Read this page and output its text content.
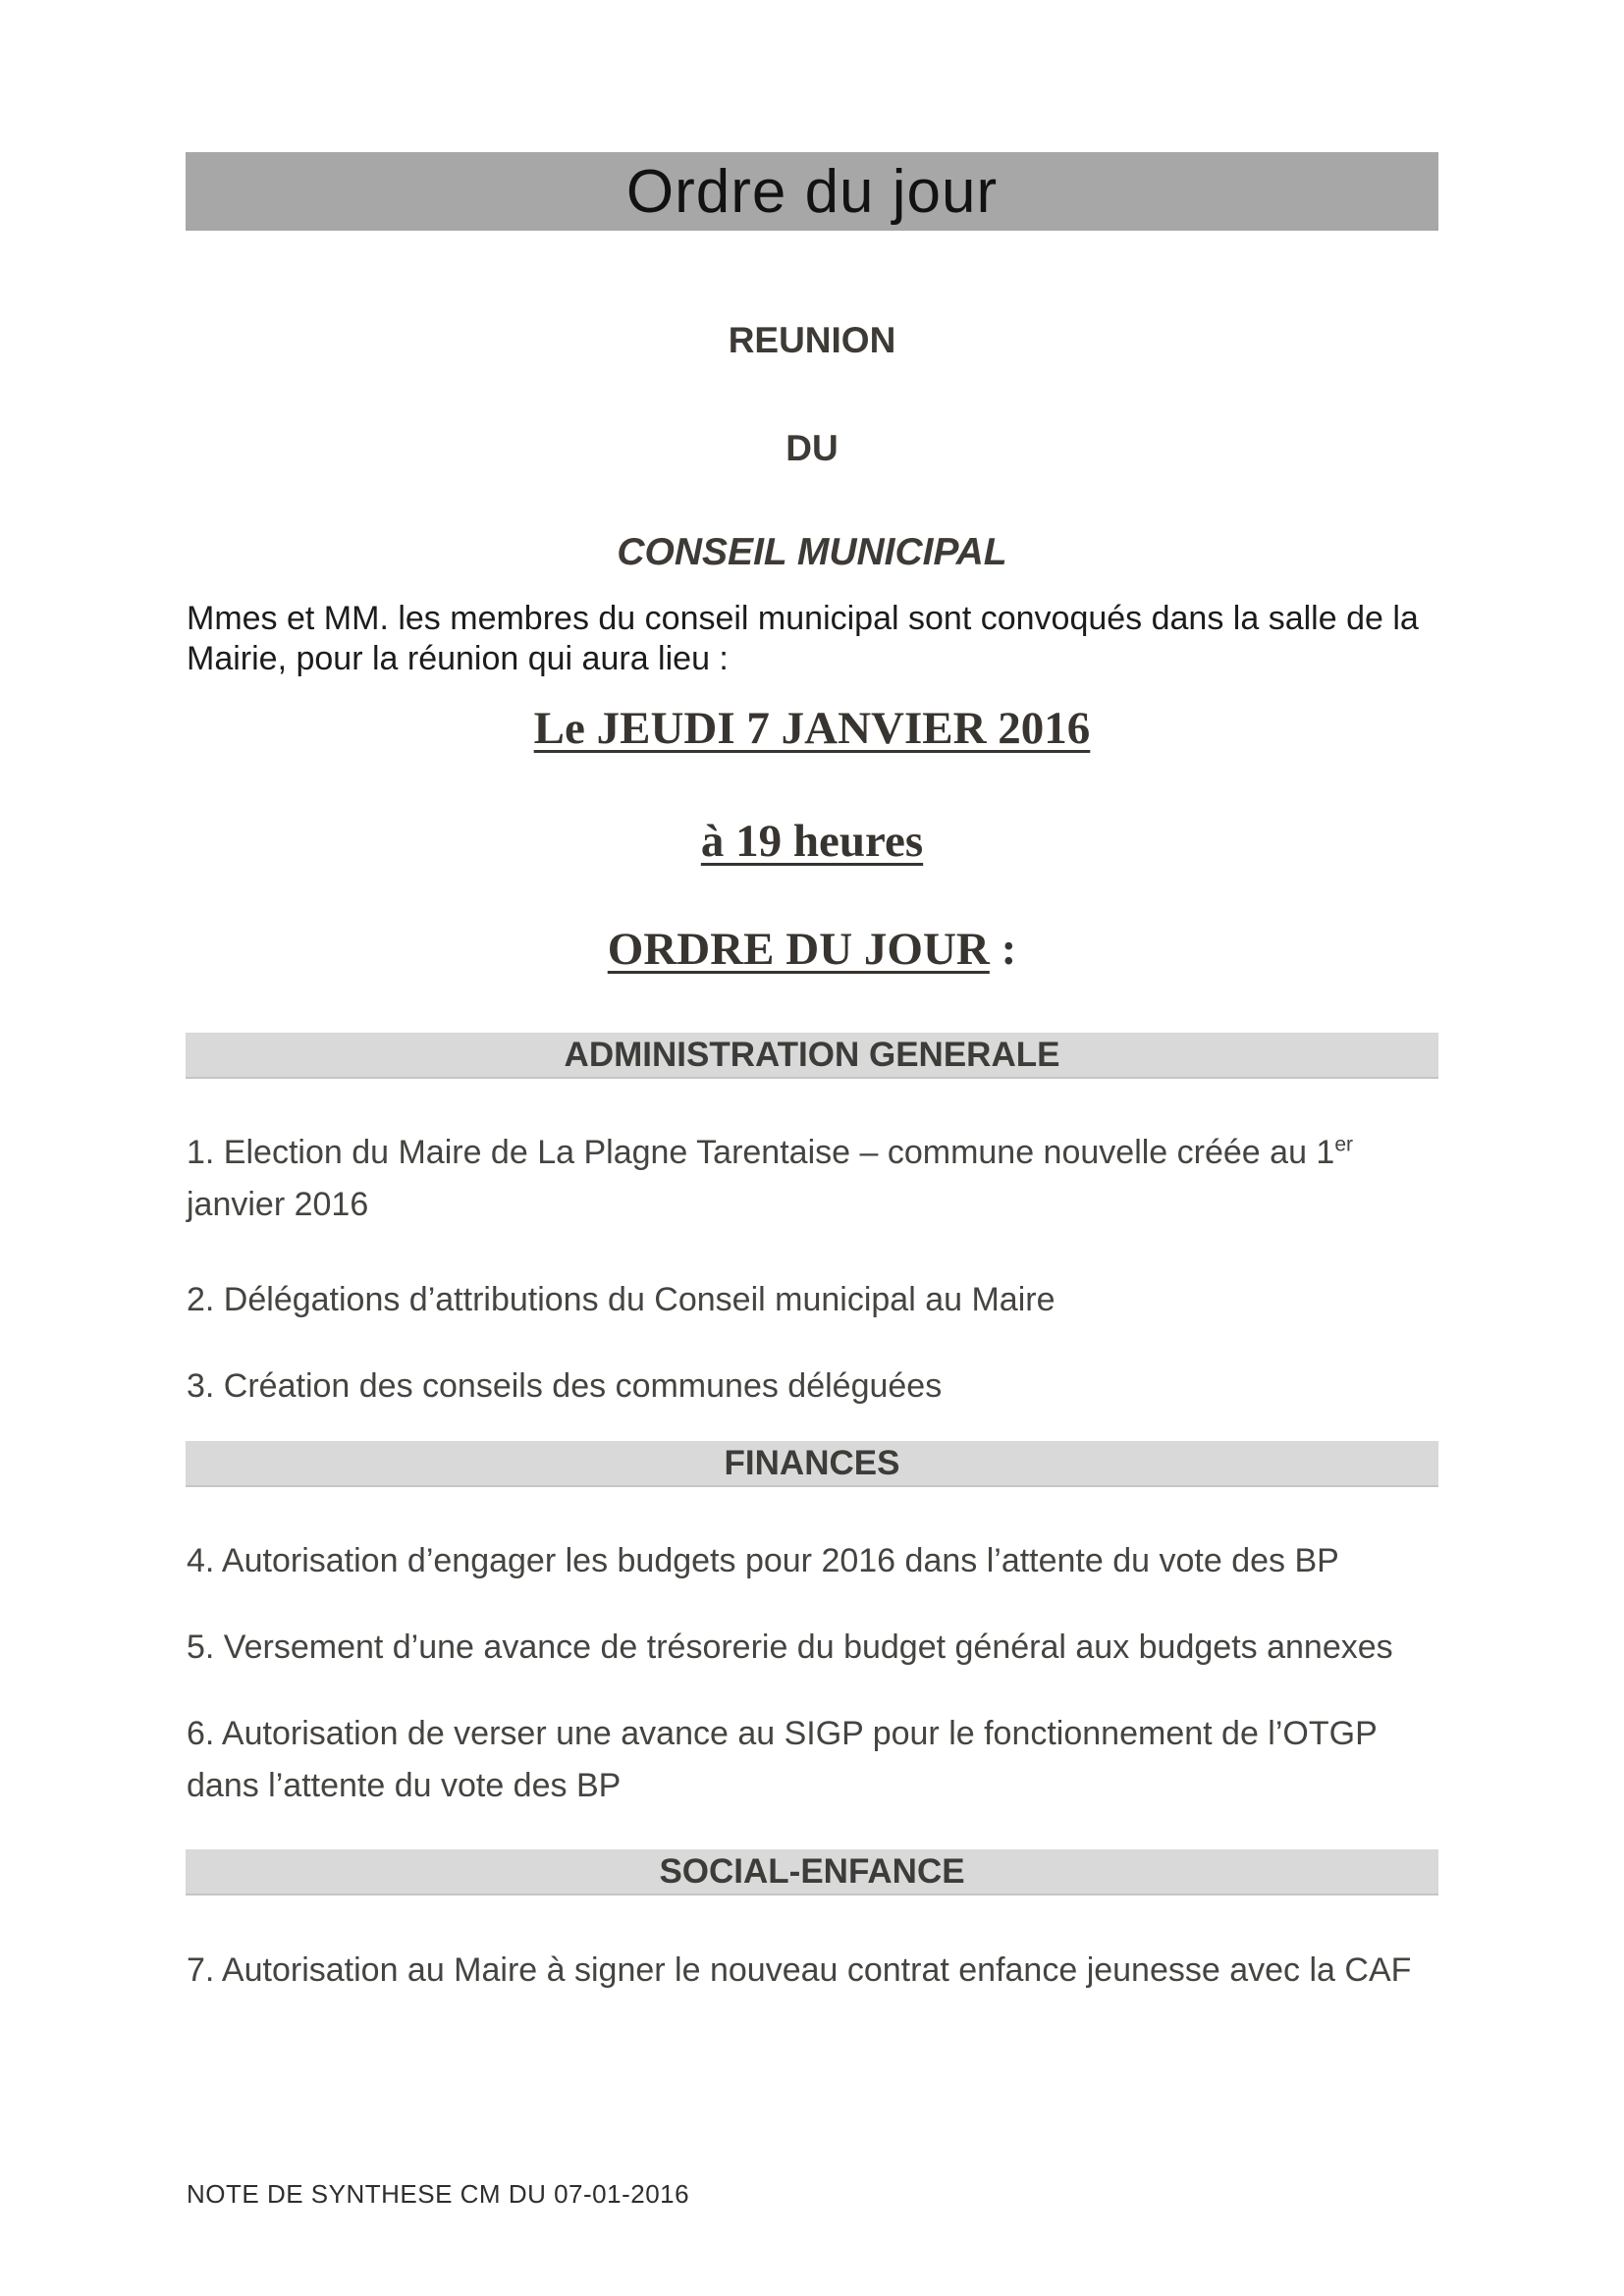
Ordre du jour
REUNION
DU
CONSEIL MUNICIPAL

Mmes et MM. les membres du conseil municipal sont convoqués dans la salle de la
Mairie, pour la réunion qui aura lieu :

Le JEUDI 7 JANVIER 2016
à 19 heures
ORDRE DU JOUR :
ADMINISTRATION GENERALE

1. Election du Maire de La Plagne Tarentaise – commune nouvelle créée au 1er
janvier 2016

2. Délégations d’attributions du Conseil municipal au Maire

3. Création des conseils des communes déléguées

FINANCES

4. Autorisation d’engager les budgets pour 2016 dans l’attente du vote des BP

5. Versement d’une avance de trésorerie du budget général aux budgets annexes

6. Autorisation de verser une avance au SIGP pour le fonctionnement de l’OTGP
dans l’attente du vote des BP

SOCIAL-ENFANCE

7. Autorisation au Maire à signer le nouveau contrat enfance jeunesse avec la CAF

NOTE DE SYNTHESE CM DU 07-01-2016
